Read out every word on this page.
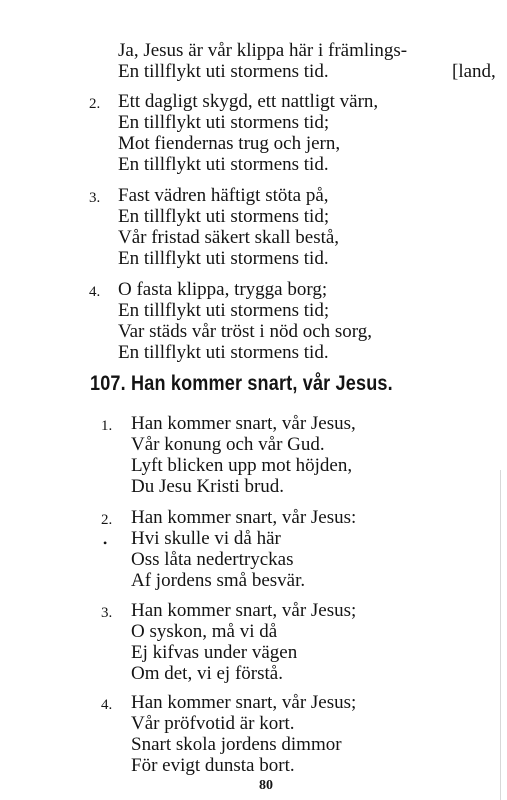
Ja, Jesus är vår klippa här i främlings-
En tillflykt uti stormens tid.	[land,
2. Ett dagligt skygd, ett nattligt värn,
En tillflykt uti stormens tid;
Mot fiendernas trug och jern,
En tillflykt uti stormens tid.
3. Fast vädren häftigt stöta på,
En tillflykt uti stormens tid;
Vår fristad säkert skall bestå,
En tillflykt uti stormens tid.
4. O fasta klippa, trygga borg;
En tillflykt uti stormens tid;
Var städs vår tröst i nöd och sorg,
En tillflykt uti stormens tid.
107. Han kommer snart, vår Jesus.
1. Han kommer snart, vår Jesus,
Vår konung och vår Gud.
Lyft blicken upp mot höjden,
Du Jesu Kristi brud.
2.
•
Han kommer snart, vår Jesus:
Hvi skulle vi då här
Oss låta nedertryckas
Af jordens små besvär.
3. Han kommer snart, vår Jesus;
O syskon, må vi då
Ej kifvas under vägen
Om det, vi ej förstå.
4. Han kommer snart, vår Jesus;
Vår pröfvotid är kort.
Snart skola jordens dimmor
För evigt dunsta bort.
80
